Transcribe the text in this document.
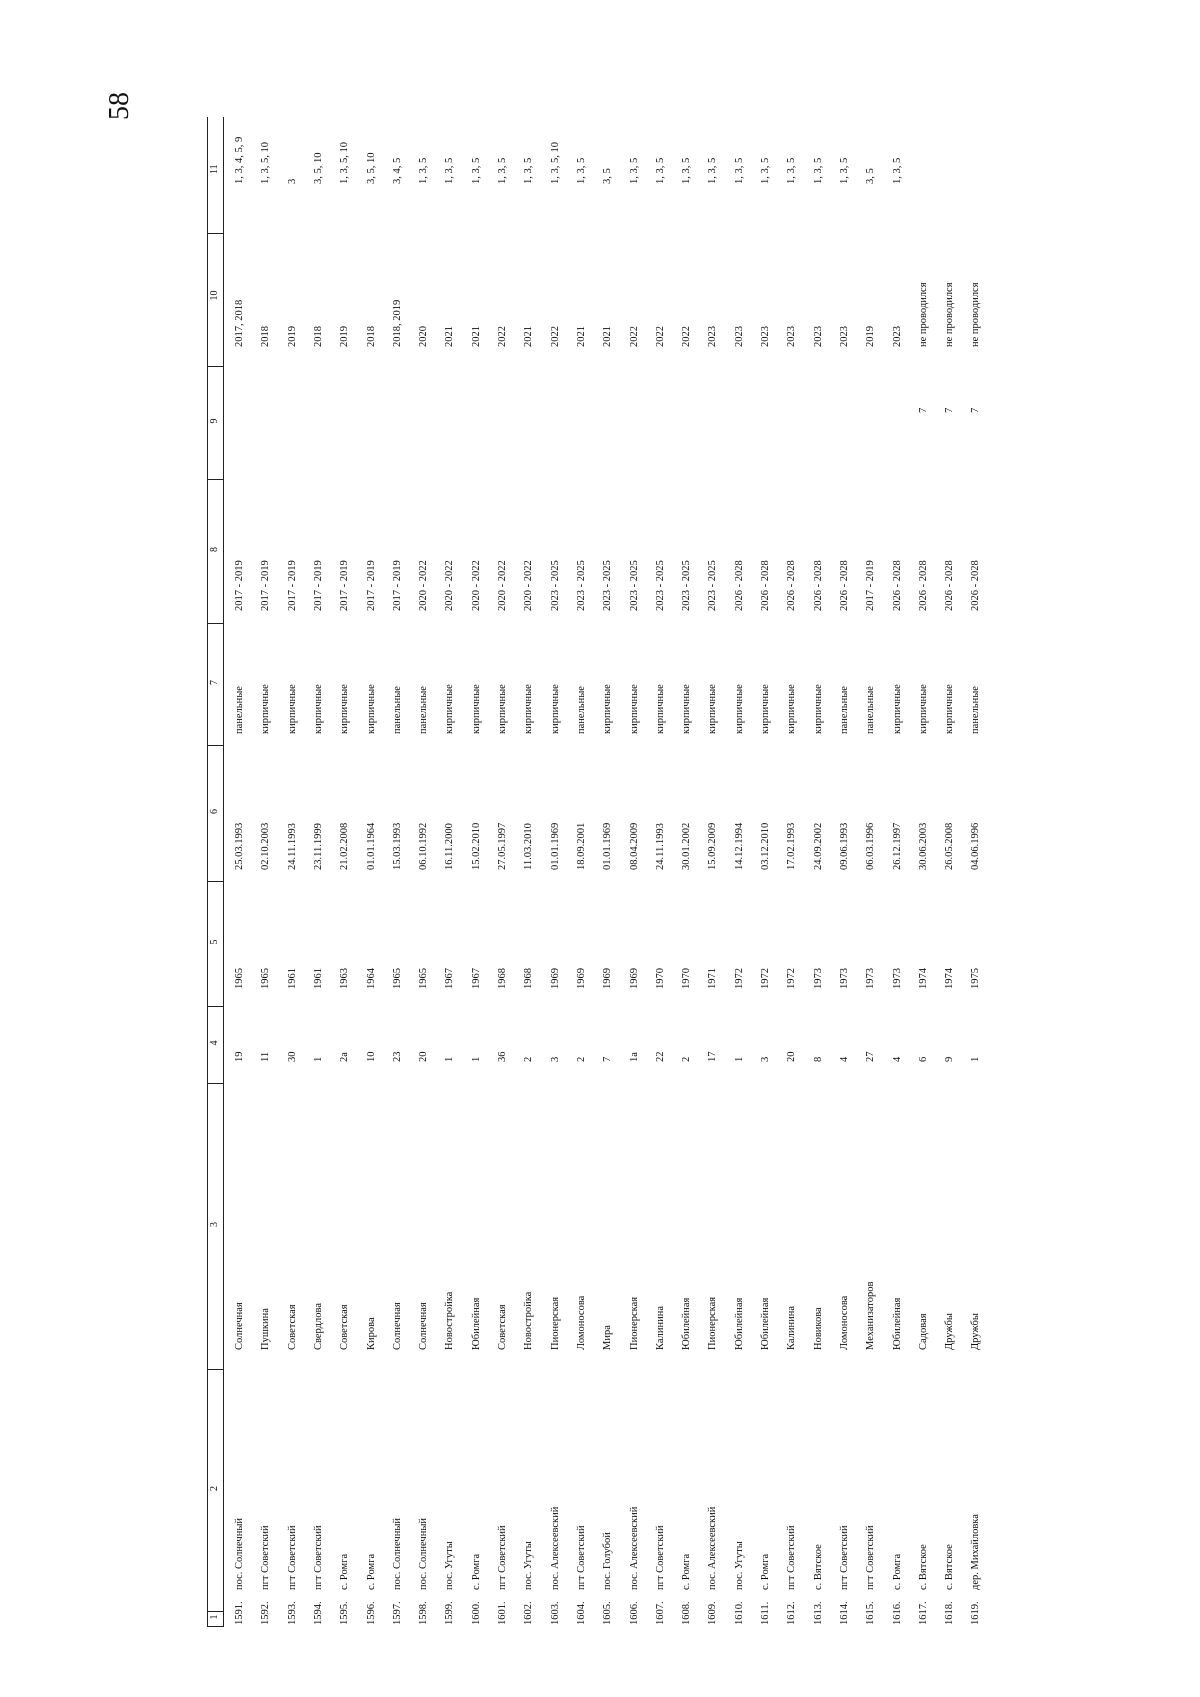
58
1
2
3
4
5
6
7
8
9
10
11
1591.
пос. Солнечный
Солнечная
19
1965
25.03.1993
панельные
2017 - 2019
2017, 2018
1, 3, 4, 5, 9
1592.
пгт Советский
Пушкина
11
1965
02.10.2003
кирпичные
2017 - 2019
2018
1, 3, 5, 10
1593.
пгт Советский
Советская
30
1961
24.11.1993
кирпичные
2017 - 2019
2019
3
1594.
пгт Советский
Свердлова
1
1961
23.11.1999
кирпичные
2017 - 2019
2018
3, 5, 10
1595.
с. Ромга
Советская
2а
1963
21.02.2008
кирпичные
2017 - 2019
2019
1, 3, 5, 10
1596.
с. Ромга
Кирова
10
1964
01.01.1964
кирпичные
2017 - 2019
2018
3, 5, 10
1597.
пос. Солнечный
Солнечная
23
1965
15.03.1993
панельные
2017 - 2019
2018, 2019
3, 4, 5
1598.
пос. Солнечный
Солнечная
20
1965
06.10.1992
панельные
2020 - 2022
2020
1, 3, 5
1599.
пос. Угуты
Новостройка
1
1967
16.11.2000
кирпичные
2020 - 2022
2021
1, 3, 5
1600.
с. Ромга
Юбилейная
1
1967
15.02.2010
кирпичные
2020 - 2022
2021
1, 3, 5
1601.
пгт Советский
Советская
36
1968
27.05.1997
кирпичные
2020 - 2022
2022
1, 3, 5
1602.
пос. Угуты
Новостройка
2
1968
11.03.2010
кирпичные
2020 - 2022
2021
1, 3, 5
1603.
пос. Алексеевский
Пионерская
3
1969
01.01.1969
кирпичные
2023 - 2025
2022
1, 3, 5, 10
1604.
пгт Советский
Ломоносова
2
1969
18.09.2001
панельные
2023 - 2025
2021
1, 3, 5
1605.
пос. Голубой
Мира
7
1969
01.01.1969
кирпичные
2023 - 2025
2021
3, 5
1606.
пос. Алексеевский
Пионерская
1а
1969
08.04.2009
кирпичные
2023 - 2025
2022
1, 3, 5
1607.
пгт Советский
Калинина
22
1970
24.11.1993
кирпичные
2023 - 2025
2022
1, 3, 5
1608.
с. Ромга
Юбилейная
2
1970
30.01.2002
кирпичные
2023 - 2025
2022
1, 3, 5
1609.
пос. Алексеевский
Пионерская
17
1971
15.09.2009
кирпичные
2023 - 2025
2023
1, 3, 5
1610.
пос. Угуты
Юбилейная
1
1972
14.12.1994
кирпичные
2026 - 2028
2023
1, 3, 5
1611.
с. Ромга
Юбилейная
3
1972
03.12.2010
кирпичные
2026 - 2028
2023
1, 3, 5
1612.
пгт Советский
Калинина
20
1972
17.02.1993
кирпичные
2026 - 2028
2023
1, 3, 5
1613.
с. Вятское
Новикова
8
1973
24.09.2002
кирпичные
2026 - 2028
2023
1, 3, 5
1614.
пгт Советский
Ломоносова
4
1973
09.06.1993
панельные
2026 - 2028
2023
1, 3, 5
1615.
пгт Советский
Механизаторов
27
1973
06.03.1996
панельные
2017 - 2019
2019
3, 5
1616.
с. Ромга
Юбилейная
4
1973
26.12.1997
кирпичные
2026 - 2028
2023
1, 3, 5
1617.
с. Вятское
Садовая
6
1974
30.06.2003
кирпичные
2026 - 2028
7
не проводился
1618.
с. Вятское
Дружбы
9
1974
26.05.2008
кирпичные
2026 - 2028
7
не проводился
1619.
дер. Михайловка
Дружбы
1
1975
04.06.1996
панельные
2026 - 2028
7
не проводился
